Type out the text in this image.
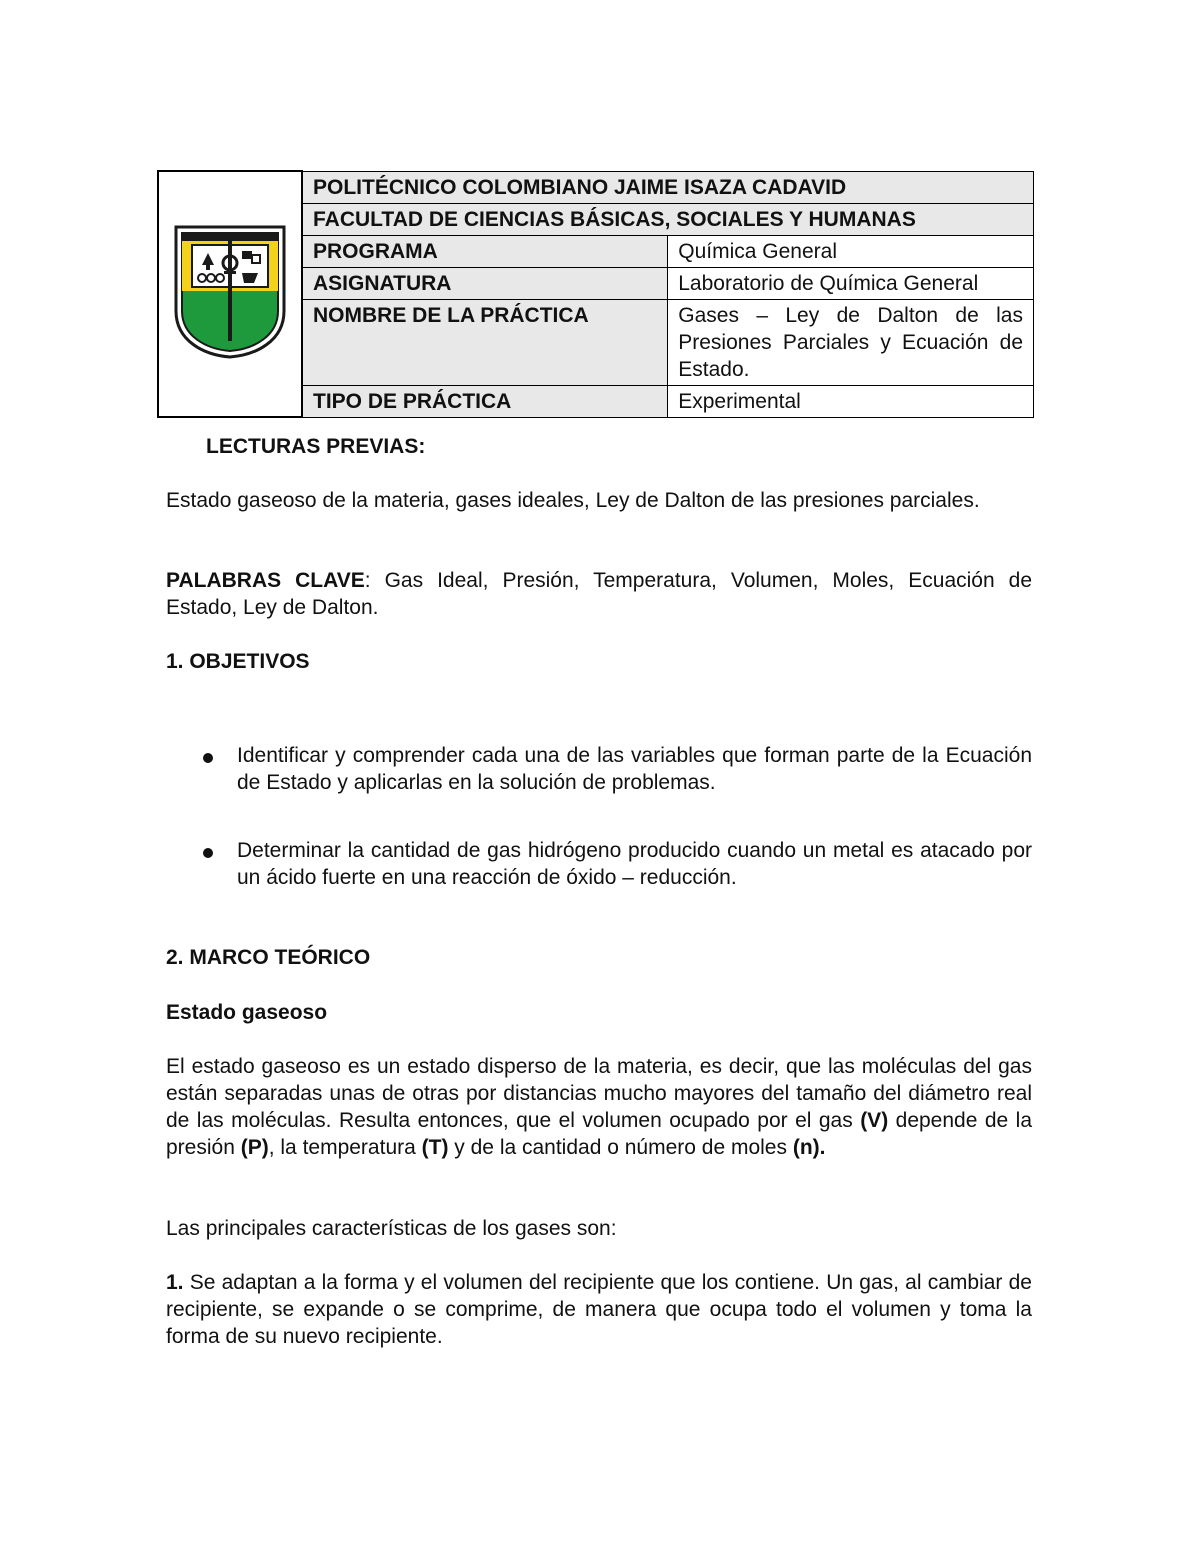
	POLITÉCNICO COLOMBIANO JAIME ISAZA CADAVID	
	FACULTAD DE CIENCIAS BÁSICAS, SOCIALES Y HUMANAS	
	PROGRAMA	Química General
	ASIGNATURA	Laboratorio de Química General
	NOMBRE DE LA PRÁCTICA	Gases – Ley de Dalton de las Presiones Parciales y Ecuación de Estado.
	TIPO DE PRÁCTICA	Experimental
LECTURAS PREVIAS:
Estado gaseoso de la materia, gases ideales, Ley de Dalton de las presiones parciales.
PALABRAS CLAVE: Gas Ideal, Presión, Temperatura, Volumen, Moles, Ecuación de Estado, Ley de Dalton.
1. OBJETIVOS
Identificar y comprender cada una de las variables que forman parte de la Ecuación de Estado y aplicarlas en la solución de problemas.
Determinar la cantidad de gas hidrógeno producido cuando un metal es atacado por un ácido fuerte en una reacción de óxido – reducción.
2. MARCO TEÓRICO
Estado gaseoso
El estado gaseoso es un estado disperso de la materia, es decir, que las moléculas del gas están separadas unas de otras por distancias mucho mayores del tamaño del diámetro real de las moléculas. Resulta entonces, que el volumen ocupado por el gas (V) depende de la presión (P), la temperatura (T) y de la cantidad o número de moles (n).
Las principales características de los gases son:
1. Se adaptan a la forma y el volumen del recipiente que los contiene. Un gas, al cambiar de recipiente, se expande o se comprime, de manera que ocupa todo el volumen y toma la forma de su nuevo recipiente.
